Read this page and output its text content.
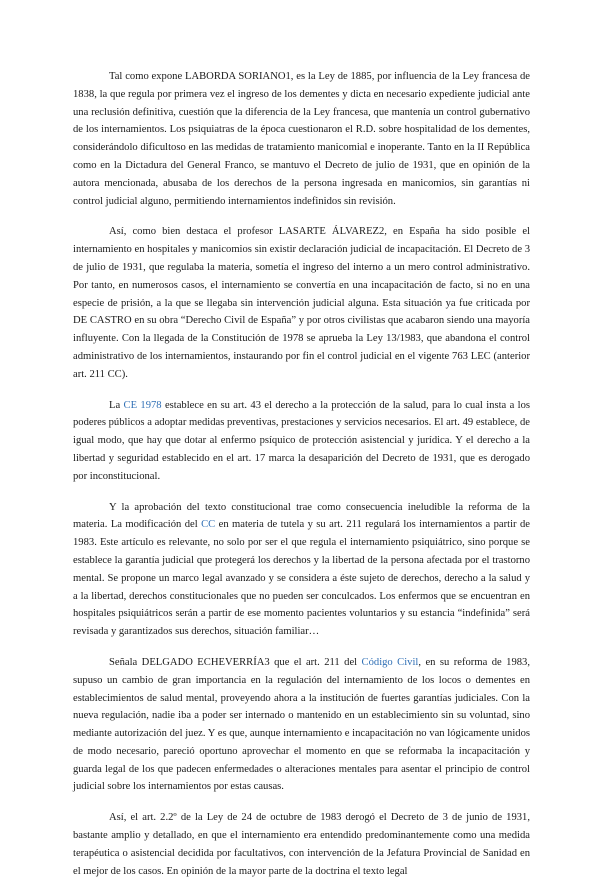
Tal como expone LABORDA SORIANO1, es la Ley de 1885, por influencia de la Ley francesa de 1838, la que regula por primera vez el ingreso de los dementes y dicta en necesario expediente judicial ante una reclusión definitiva, cuestión que la diferencia de la Ley francesa, que mantenía un control gubernativo de los internamientos. Los psiquiatras de la época cuestionaron el R.D. sobre hospitalidad de los dementes, considerándolo dificultoso en las medidas de tratamiento manicomial e inoperante. Tanto en la II República como en la Dictadura del General Franco, se mantuvo el Decreto de julio de 1931, que en opinión de la autora mencionada, abusaba de los derechos de la persona ingresada en manicomios, sin garantías ni control judicial alguno, permitiendo internamientos indefinidos sin revisión.

Así, como bien destaca el profesor LASARTE ÁLVAREZ2, en España ha sido posible el internamiento en hospitales y manicomios sin existir declaración judicial de incapacitación. El Decreto de 3 de julio de 1931, que regulaba la materia, sometía el ingreso del interno a un mero control administrativo. Por tanto, en numerosos casos, el internamiento se convertía en una incapacitación de facto, si no en una especie de prisión, a la que se llegaba sin intervención judicial alguna. Esta situación ya fue criticada por DE CASTRO en su obra “Derecho Civil de España” y por otros civilistas que acabaron siendo una mayoría influyente. Con la llegada de la Constitución de 1978 se aprueba la Ley 13/1983, que abandona el control administrativo de los internamientos, instaurando por fin el control judicial en el vigente 763 LEC (anterior art. 211 CC).

La CE 1978 establece en su art. 43 el derecho a la protección de la salud, para lo cual insta a los poderes públicos a adoptar medidas preventivas, prestaciones y servicios necesarios. El art. 49 establece, de igual modo, que hay que dotar al enfermo psíquico de protección asistencial y jurídica. Y el derecho a la libertad y seguridad establecido en el art. 17 marca la desaparición del Decreto de 1931, que es derogado por inconstitucional.

Y la aprobación del texto constitucional trae como consecuencia ineludible la reforma de la materia. La modificación del CC en materia de tutela y su art. 211 regulará los internamientos a partir de 1983. Este artículo es relevante, no solo por ser el que regula el internamiento psiquiátrico, sino porque se establece la garantía judicial que protegerá los derechos y la libertad de la persona afectada por el trastorno mental. Se propone un marco legal avanzado y se considera a éste sujeto de derechos, derecho a la salud y a la libertad, derechos constitucionales que no pueden ser conculcados. Los enfermos que se encuentran en hospitales psiquiátricos serán a partir de ese momento pacientes voluntarios y su estancia “indefinida” será revisada y garantizados sus derechos, situación familiar…

Señala DELGADO ECHEVERRÍA3 que el art. 211 del Código Civil, en su reforma de 1983, supuso un cambio de gran importancia en la regulación del internamiento de los locos o dementes en establecimientos de salud mental, proveyendo ahora a la institución de fuertes garantías judiciales. Con la nueva regulación, nadie iba a poder ser internado o mantenido en un establecimiento sin su voluntad, sino mediante autorización del juez. Y es que, aunque internamiento e incapacitación no van lógicamente unidos de modo necesario, pareció oportuno aprovechar el momento en que se reformaba la incapacitación y guarda legal de los que padecen enfermedades o alteraciones mentales para asentar el principio de control judicial sobre los internamientos por estas causas.

Así, el art. 2.2º de la Ley de 24 de octubre de 1983 derogó el Decreto de 3 de junio de 1931, bastante amplio y detallado, en que el internamiento era entendido predominantemente como una medida terapéutica o asistencial decidida por facultativos, con intervención de la Jefatura Provincial de Sanidad en el mejor de los casos. En opinión de la mayor parte de la doctrina el texto legal
